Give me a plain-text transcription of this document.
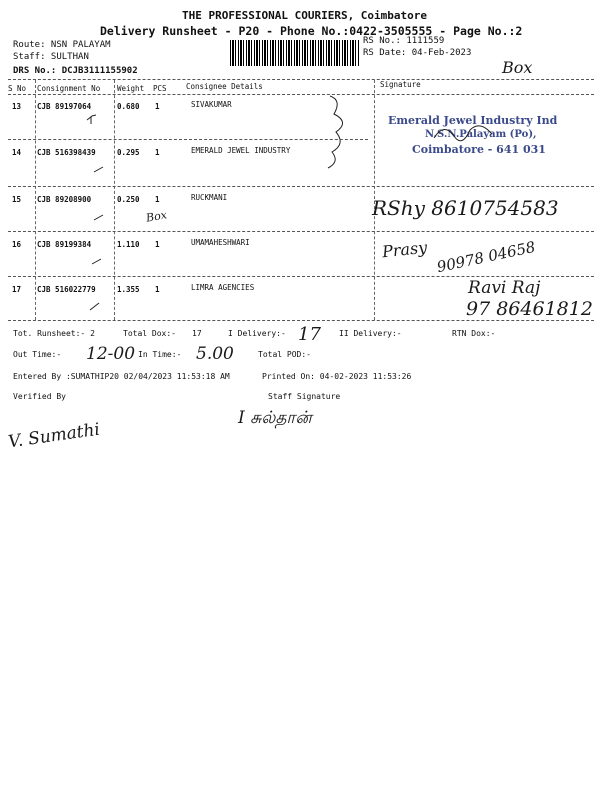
THE PROFESSIONAL COURIERS, Coimbatore
Delivery Runsheet - P20 - Phone No.:0422-3505555 - Page No.:2
Route: NSN PALAYAM
Staff: SULTHAN
DRS No.: DCJB3111155902
RS No.: 1111559
RS Date: 04-Feb-2023
Box
S No Consignment No Weight PCS	Consignee Details	Signature
13 CJB 89197064	0.680 1	SIVAKUMAR
14 CJB 516398439	0.295 1	EMERALD JEWEL INDUSTRY
Emerald Jewel Industry Ind
N.S.N.Palayam (Po),
Coimbatore - 641 031
15 CJB 89208900	0.250 1	RUCKMANI
Box	RShy 8610754583
16 CJB 89199384	1.110 1	UMAMAHESHWARI	Prasy 90978 04658
17 CJB 516022779	1.355 1	LIMRA AGENCIES	Ravi Raj
97 86461812
Tot. Runsheet:- 2	Total Dox:- 17	I Delivery:- 17 II Delivery:-	RTN Dox:-
Out Time:- 12-00 In Time:- 5.00	Total POD:-
Entered By :SUMATHIP20 02/04/2023 11:53:18 AM	Printed On: 04-02-2023 11:53:26
Verified By	Staff Signature
I சுல்தான்
V. Sumathi
